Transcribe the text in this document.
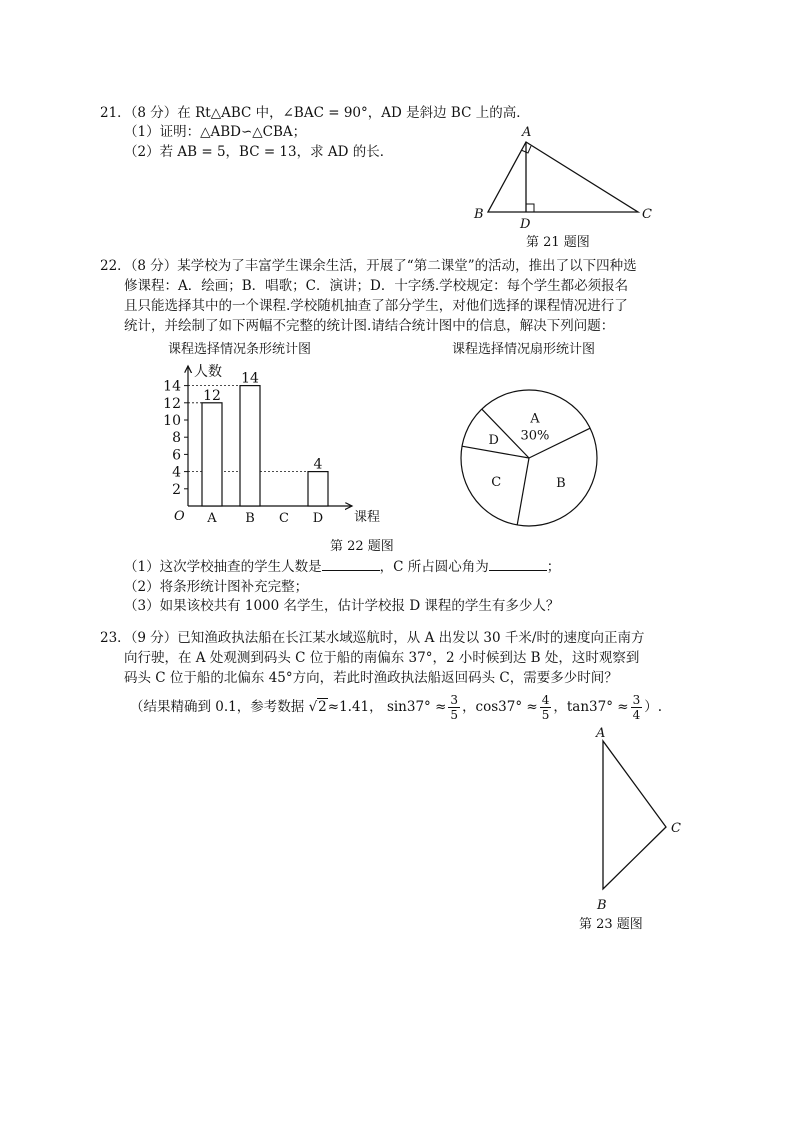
21．（8 分）在 Rt△ABC 中，∠BAC = 90°，AD 是斜边 BC 上的高．
（1）证明：△ABD∽△CBA；
（2）若 AB = 5，BC = 13，求 AD 的长．
A
B	C
D
第 21 题图
22．（8 分）某学校为了丰富学生课余生活，开展了“第二课堂”的活动，推出了以下四种选
修课程：A．绘画；B．唱歌；C．演讲；D．十字绣.学校规定：每个学生都必须报名
且只能选择其中的一个课程.学校随机抽查了部分学生，对他们选择的课程情况进行了
统计，并绘制了如下两幅不完整的统计图.请结合统计图中的信息，解决下列问题：
课程选择情况条形统计图	课程选择情况扇形统计图
人数
课程
O
2
4
6
8
10
12
14
12
14
4
A B C D
A
30%
B
C
D
第 22 题图
（1）这次学校抽查的学生人数是	，C 所占圆心角为	；
（2）将条形统计图补充完整；
（3）如果该校共有 1000 名学生，估计学校报 D 课程的学生有多少人？
23．（9 分）已知渔政执法船在长江某水域巡航时，从 A 出发以 30 千米/时的速度向正南方
向行驶，在 A 处观测到码头 C 位于船的南偏东 37°，2 小时候到达 B 处，这时观察到
码头 C 位于船的北偏东 45°方向，若此时渔政执法船返回码头 C，需要多少时间？
（结果精确到 0.1，参考数据 √2≈1.41， $\sin 37^\circ \approx \frac{3}{5}$ ，$\cos 37^\circ \approx \frac{4}{5}$ ，$\tan 37^\circ \approx \frac{3}{4}$ ）.
A
B
C
第 23 题图
